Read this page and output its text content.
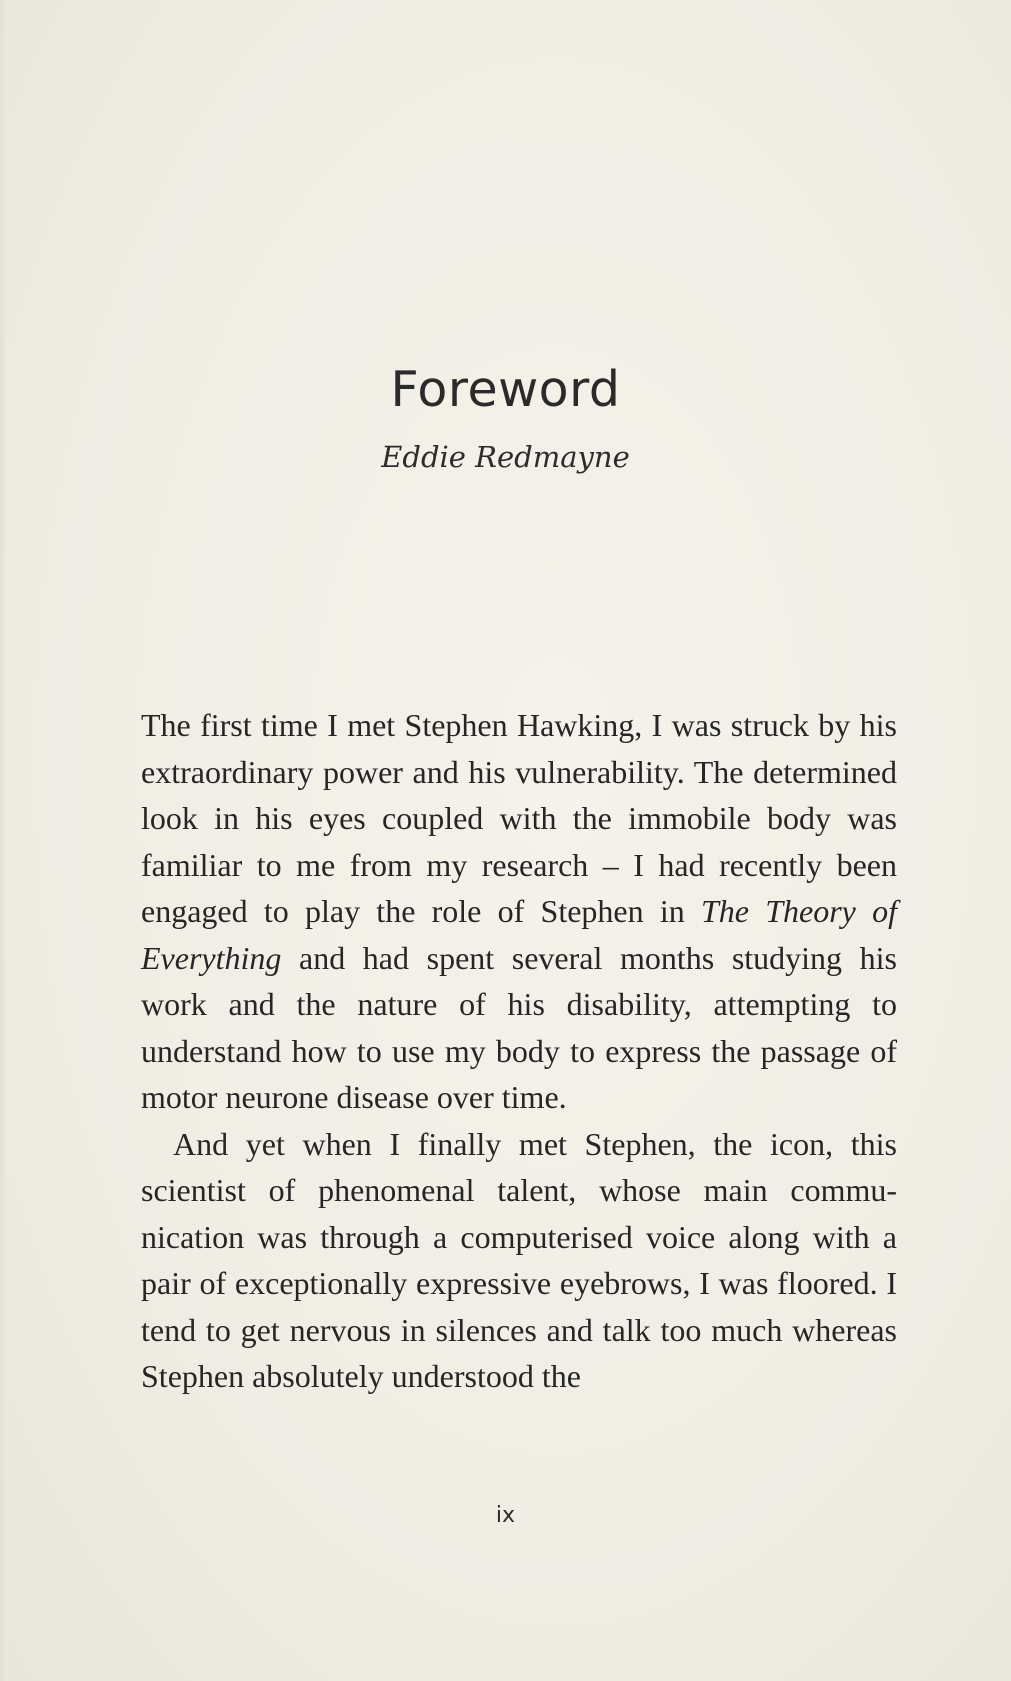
Foreword
Eddie Redmayne

The first time I met Stephen Hawking, I was struck by his extraordinary power and his vulnerability. The determined look in his eyes coupled with the immobile body was familiar to me from my research – I had recently been engaged to play the role of Stephen in The Theory of Everything and had spent several months studying his work and the nature of his disability, attempting to understand how to use my body to express the passage of motor neurone disease over time.

And yet when I finally met Stephen, the icon, this scientist of phenomenal talent, whose main communication was through a computerised voice along with a pair of exceptionally expressive eyebrows, I was floored. I tend to get nervous in silences and talk too much whereas Stephen absolutely understood the

ix
